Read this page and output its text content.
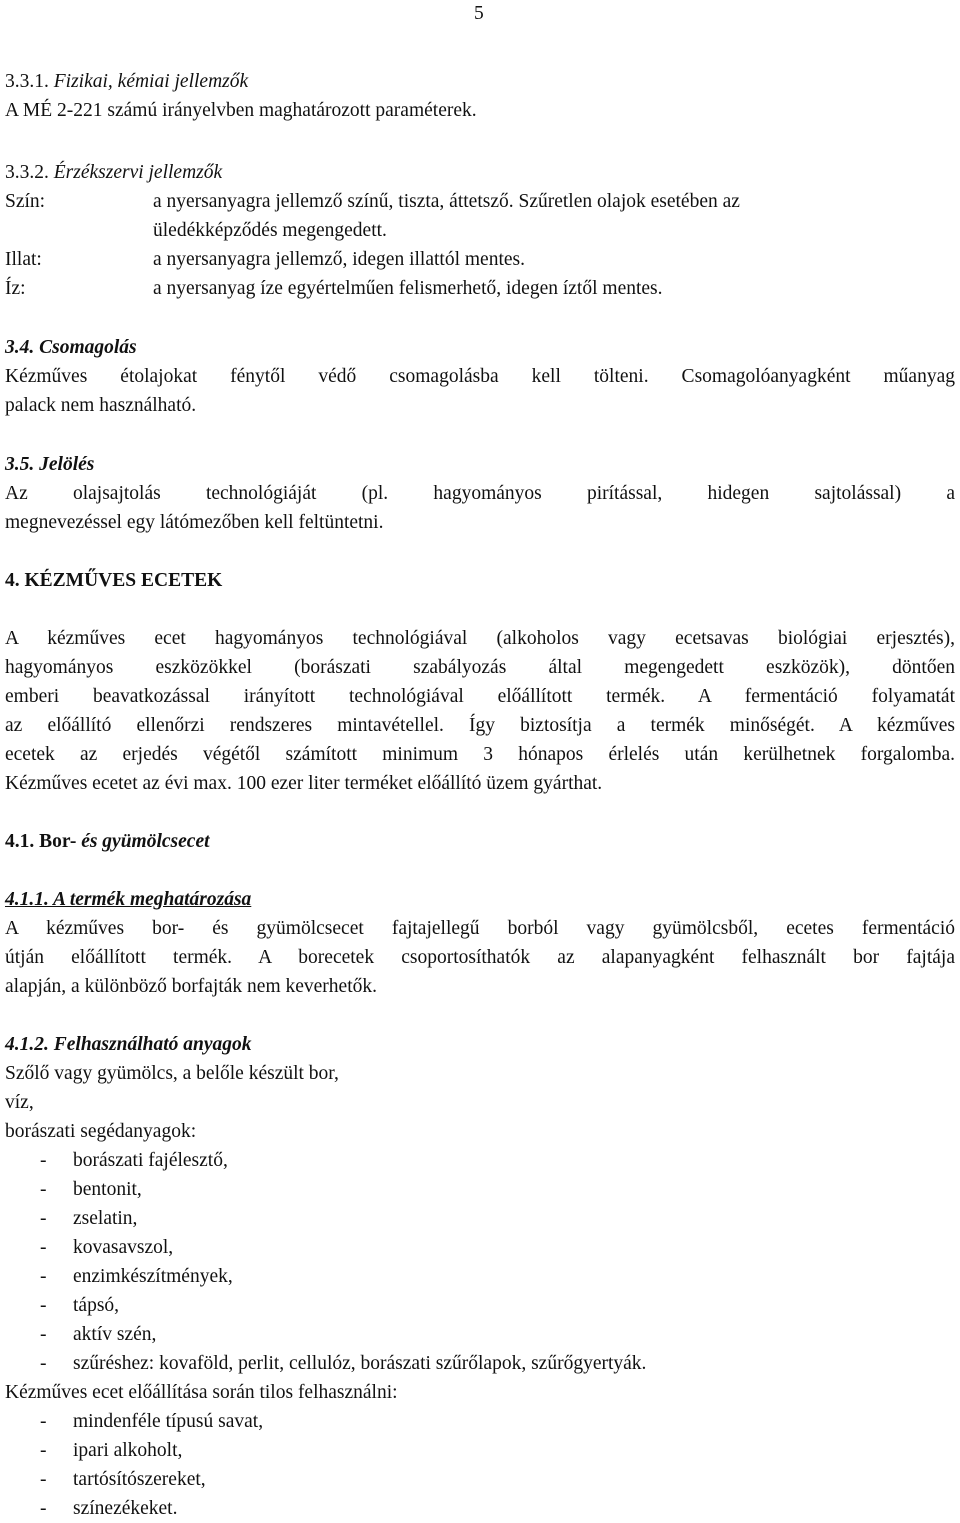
5
3.3.1. Fizikai, kémiai jellemzők
A MÉ 2-221 számú irányelvben maghatározott paraméterek.
3.3.2. Érzékszervi jellemzők
Szín:	a nyersanyagra jellemző színű, tiszta, áttetsző. Szűretlen olajok esetében az
üledékképződés megengedett.
Illat:	a nyersanyagra jellemző, idegen illattól mentes.
Íz:	a nyersanyag íze egyértelműen felismerhető, idegen íztől mentes.
3.4. Csomagolás
Kézműves étolajokat fénytől védő csomagolásba kell tölteni. Csomagolóanyagként műanyag
palack nem használható.
3.5. Jelölés
Az olajsajtolás technológiáját (pl. hagyományos pirítással, hidegen sajtolással) a
megnevezéssel egy látómezőben kell feltüntetni.
4. KÉZMŰVES ECETEK
A kézműves ecet hagyományos technológiával (alkoholos vagy ecetsavas biológiai erjesztés),
hagyományos eszközökkel (borászati szabályozás által megengedett eszközök), döntően
emberi beavatkozással irányított technológiával előállított termék. A fermentáció folyamatát
az előállító ellenőrzi rendszeres mintavétellel. Így biztosítja a termék minőségét. A kézműves
ecetek az erjedés végétől számított minimum 3 hónapos érlelés után kerülhetnek forgalomba.
Kézműves ecetet az évi max. 100 ezer liter terméket előállító üzem gyárthat.
4.1. Bor- és gyümölcsecet
4.1.1. A termék meghatározása
A kézműves bor- és gyümölcsecet fajtajellegű borból vagy gyümölcsből, ecetes fermentáció
útján előállított termék. A borecetek csoportosíthatók az alapanyagként felhasznált bor fajtája
alapján, a különböző borfajták nem keverhetők.
4.1.2. Felhasználható anyagok
Szőlő vagy gyümölcs, a belőle készült bor,
víz,
borászati segédanyagok:
- borászati fajélesztő,
- bentonit,
- zselatin,
- kovasavszol,
- enzimkészítmények,
- tápsó,
- aktív szén,
- szűréshez: kovaföld, perlit, cellulóz, borászati szűrőlapok, szűrőgyertyák.
Kézműves ecet előállítása során tilos felhasználni:
- mindenféle típusú savat,
- ipari alkoholt,
- tartósítószereket,
- színezékeket.
